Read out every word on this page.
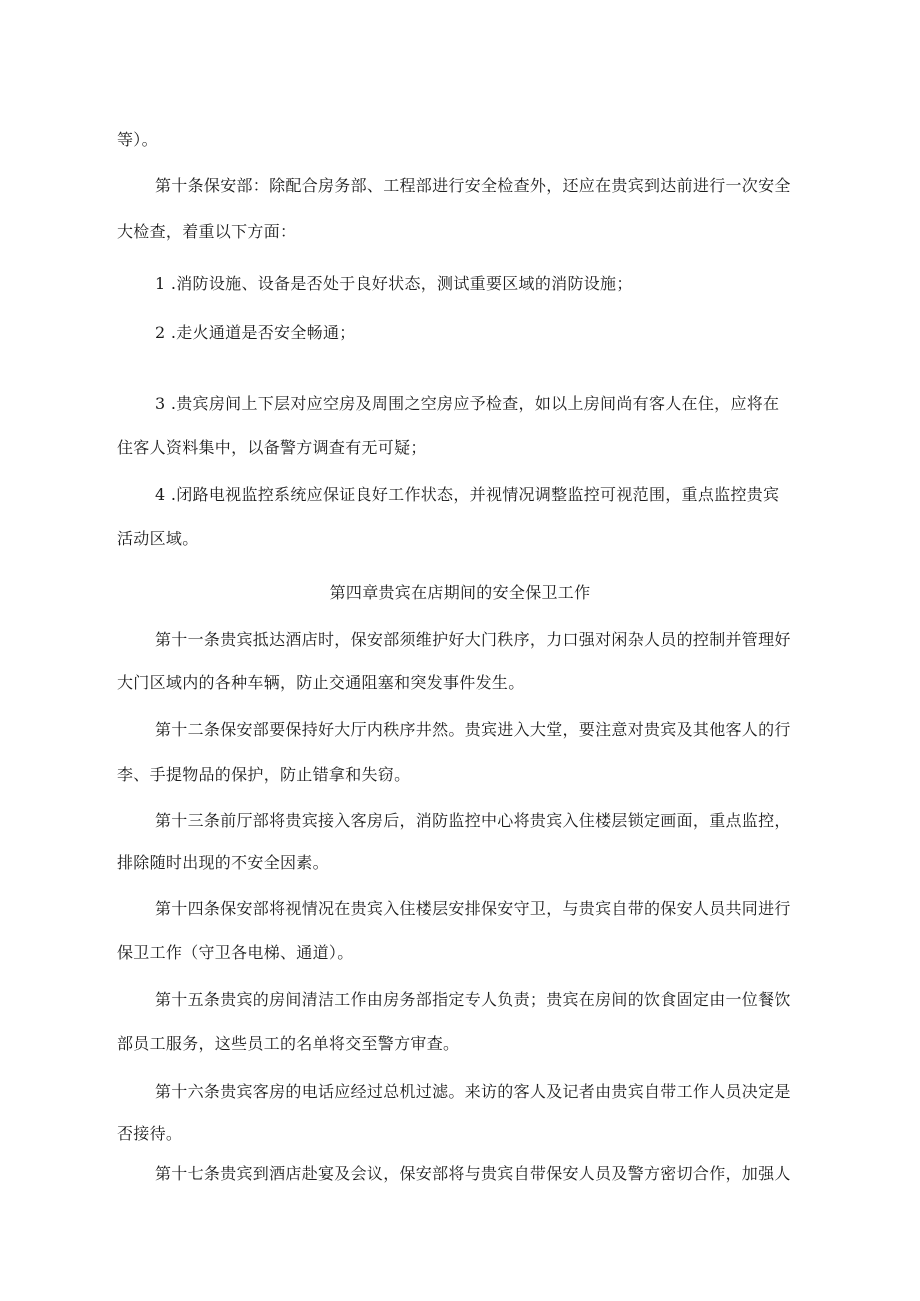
等）。
第十条保安部：除配合房务部、工程部进行安全检查外，还应在贵宾到达前进行一次安全
大检查，着重以下方面：
1 .消防设施、设备是否处于良好状态，测试重要区域的消防设施；
2 .走火通道是否安全畅通；
3 .贵宾房间上下层对应空房及周围之空房应予检查，如以上房间尚有客人在住，应将在
住客人资料集中，以备警方调查有无可疑；
4 .闭路电视监控系统应保证良好工作状态，并视情况调整监控可视范围，重点监控贵宾
活动区域。
第四章贵宾在店期间的安全保卫工作
第十一条贵宾抵达酒店时，保安部须维护好大门秩序，力口强对闲杂人员的控制并管理好
大门区域内的各种车辆，防止交通阻塞和突发事件发生。
第十二条保安部要保持好大厅内秩序井然。贵宾进入大堂，要注意对贵宾及其他客人的行
李、手提物品的保护，防止错拿和失窃。
第十三条前厅部将贵宾接入客房后，消防监控中心将贵宾入住楼层锁定画面，重点监控，
排除随时出现的不安全因素。
第十四条保安部将视情况在贵宾入住楼层安排保安守卫，与贵宾自带的保安人员共同进行
保卫工作（守卫各电梯、通道）。
第十五条贵宾的房间清洁工作由房务部指定专人负责；贵宾在房间的饮食固定由一位餐饮
部员工服务，这些员工的名单将交至警方审查。
第十六条贵宾客房的电话应经过总机过滤。来访的客人及记者由贵宾自带工作人员决定是
否接待。
第十七条贵宾到酒店赴宴及会议，保安部将与贵宾自带保安人员及警方密切合作，加强人
